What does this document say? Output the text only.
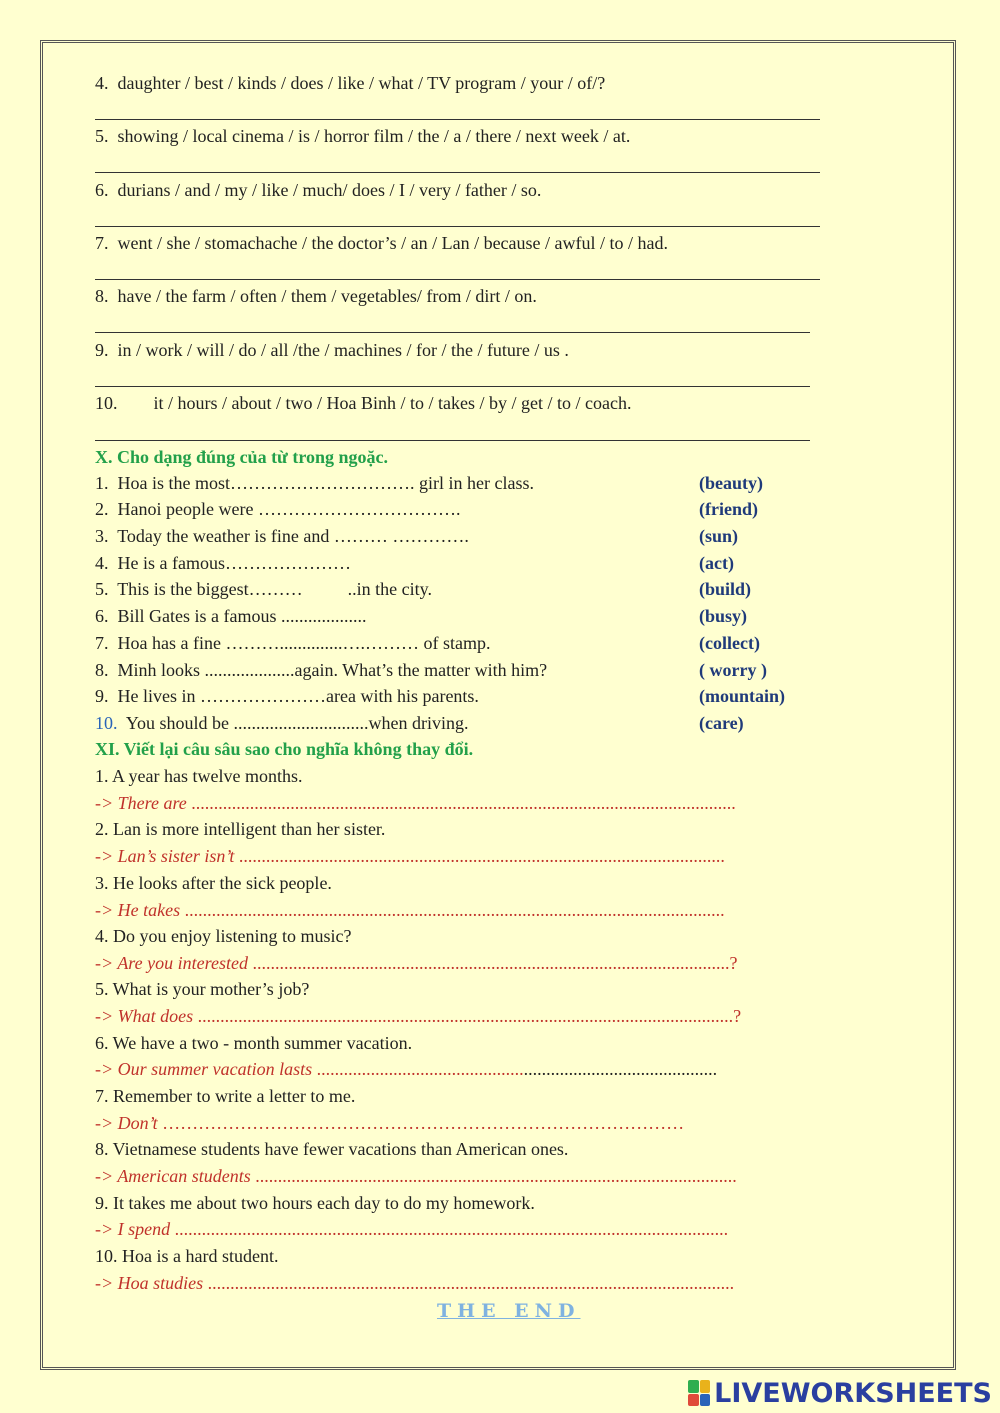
4. daughter / best / kinds / does / like / what / TV program / your / of/?
5. showing / local cinema / is / horror film / the / a / there / next week / at.
6. durians / and / my / like / much/ does / I / very / father / so.
7. went / she / stomachache / the doctor’s / an / Lan / because / awful / to / had.
8. have / the farm / often / them / vegetables/ from / dirt / on.
9. in / work / will / do / all /the / machines / for / the / future / us .
10. it / hours / about / two / Hoa Binh / to / takes / by / get / to / coach.
X. Cho dạng đúng của từ trong ngoặc.
1. Hoa is the most…………………………. girl in her class.	(beauty)
2. Hanoi people were …………………………….	(friend)
3. Today the weather is fine and ……… ………….	(sun)
4. He is a famous…………………	(act)
5. This is the biggest………          ..in the city.	(build)
6. Bill Gates is a famous ...................	(busy)
7. Hoa has a fine ………..............….……… of stamp.	(collect)
8. Minh looks ....................again. What’s the matter with him?	( worry )
9. He lives in …………………area with his parents.	(mountain)
10. You should be ..............................when driving.	(care)
XI. Viết lại câu sâu sao cho nghĩa không thay đổi.
1. A year has twelve months.
-> There are .........................................................................................................................
2. Lan is more intelligent than her sister.
-> Lan’s sister isn’t ............................................................................................................
3. He looks after the sick people.
-> He takes ........................................................................................................................
4. Do you enjoy listening to music?
-> Are you interested ..........................................................................................................?
5. What is your mother’s job?
-> What does .......................................................................................................................?
6. We have a two - month summer vacation.
-> Our summer vacation lasts .........................................................................................
7. Remember to write a letter to me.
-> Don’t ……………………………………………………………………………
8. Vietnamese students have fewer vacations than American ones.
-> American students ...........................................................................................................
9. It takes me about two hours each day to do my homework.
-> I spend ...........................................................................................................................
10. Hoa is a hard student.
-> Hoa studies .....................................................................................................................
THE END
LIVEWORKSHEETS
